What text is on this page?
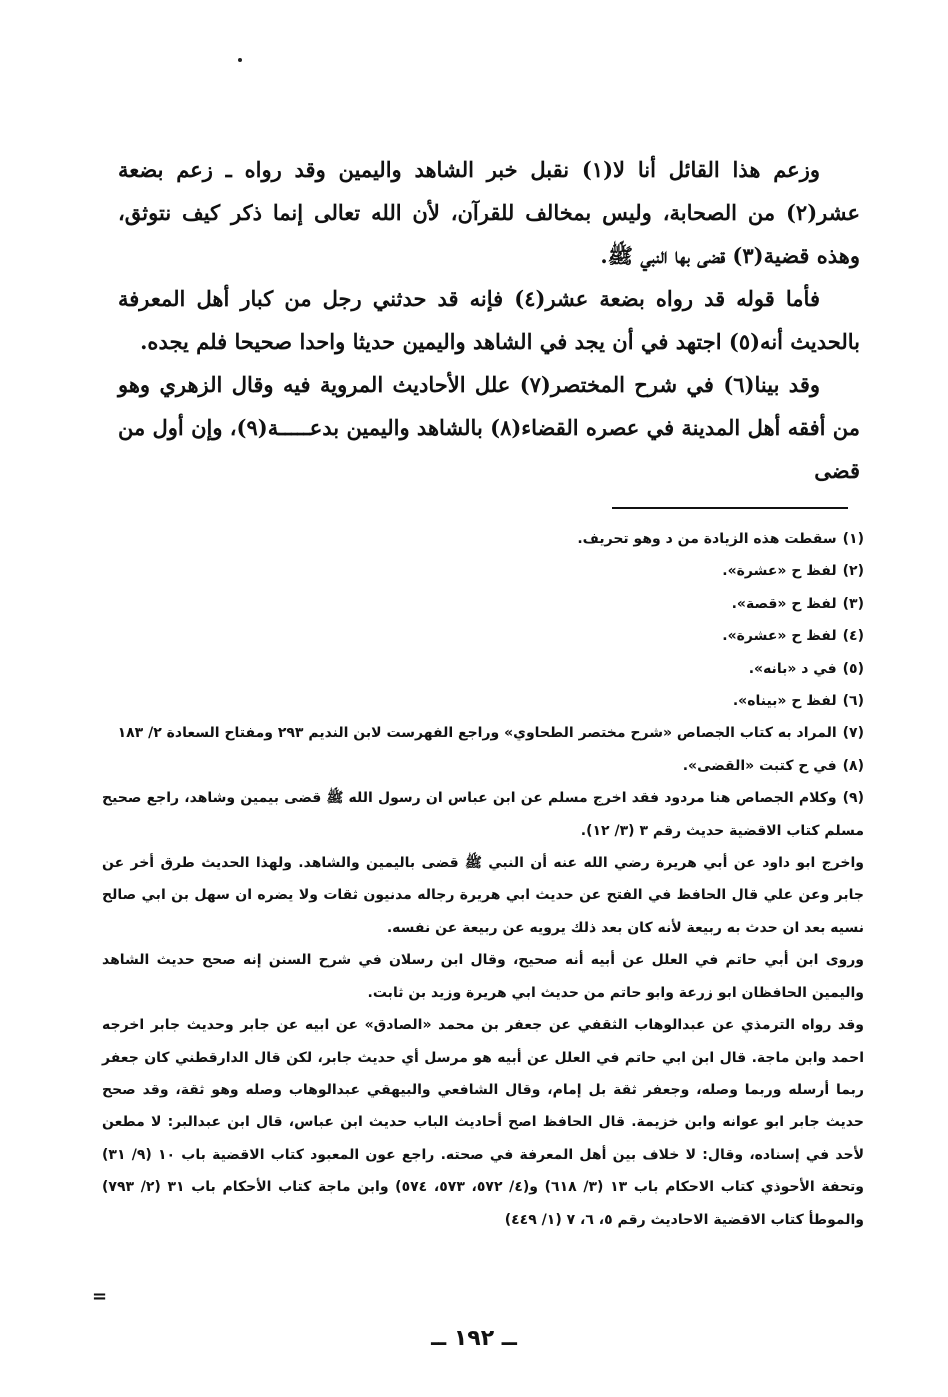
وزعم هذا القائل أنا لا(١) نقبل خبر الشاهد واليمين وقد رواه ـ زعم بضعة عشر(٢) من الصحابة، وليس بمخالف للقرآن، لأن الله تعالى إنما ذكر كيف نتوثق، وهذه قضية(٣) قضى بها النبي ﷺ.

فأما قوله قد رواه بضعة عشر(٤) فإنه قد حدثني رجل من كبار أهل المعرفة بالحديث أنه(٥) اجتهد في أن يجد في الشاهد واليمين حديثا واحدا صحيحا فلم يجده.

وقد بينا(٦) في شرح المختصر(٧) علل الأحاديث المروية فيه وقال الزهري وهو من أفقه أهل المدينة في عصره القضاء(٨) بالشاهد واليمين بدعـــــة(٩)، وإن أول من قضى

(١)سقطت هذه الزيادة من د وهو تحريف.

(٢)لفظ ح «عشرة».

(٣)لفظ ح «قصة».

(٤)لفظ ح «عشرة».

(٥)في د «بانه».

(٦)لفظ ح «بيناه».

(٧)المراد به كتاب الجصاص «شرح مختصر الطحاوي» وراجع الفهرست لابن النديم ٢٩٣ ومفتاح السعادة ٢/ ١٨٣

(٨)في ح كتبت «القضى».

(٩)وكلام الجصاص هنا مردود فقد اخرج مسلم عن ابن عباس ان رسول الله ﷺ قضى بيمين وشاهد، راجع صحيح مسلم كتاب الاقضية حديث رقم ٣ (٣/ ١٢).

واخرج ابو داود عن أبي هريرة رضي الله عنه أن النبي ﷺ قضى باليمين والشاهد. ولهذا الحديث طرق أخر عن جابر وعن علي قال الحافظ في الفتح عن حديث ابي هريرة رجاله مدنيون ثقات ولا يضره ان سهل بن ابي صالح نسيه بعد ان حدث به ربيعة لأنه كان بعد ذلك يرويه عن ربيعة عن نفسه.

وروى ابن أبي حاتم في العلل عن أبيه أنه صحيح، وقال ابن رسلان في شرح السنن إنه صحح حديث الشاهد واليمين الحافظان ابو زرعة وابو حاتم من حديث ابي هريرة وزيد بن ثابت.

وقد رواه الترمذي عن عبدالوهاب الثقفي عن جعفر بن محمد «الصادق» عن ابيه عن جابر وحديث جابر اخرجه احمد وابن ماجة. قال ابن ابي حاتم في العلل عن أبيه هو مرسل أي حديث جابر، لكن قال الدارقطني كان جعفر ربما أرسله وربما وصله، وجعفر ثقة بل إمام، وقال الشافعي والبيهقي عبدالوهاب وصله وهو ثقة، وقد صحح حديث جابر ابو عوانه وابن خزيمة. قال الحافظ اصح أحاديث الباب حديث ابن عباس، قال ابن عبدالبر: لا مطعن لأحد في إسناده، وقال: لا خلاف بين أهل المعرفة في صحته. راجع عون المعبود كتاب الاقضية باب ١٠ (٩/ ٣١) وتحفة الأحوذي كتاب الاحكام باب ١٣ (٣/ ٦١٨) و(٤/ ٥٧٢، ٥٧٣، ٥٧٤) وابن ماجة كتاب الأحكام باب ٣١ (٢/ ٧٩٣) والموطأ كتاب الاقضية الاحاديث رقم ٥، ٦، ٧ (١/ ٤٤٩)

=
ــ ١٩٢ ــ
